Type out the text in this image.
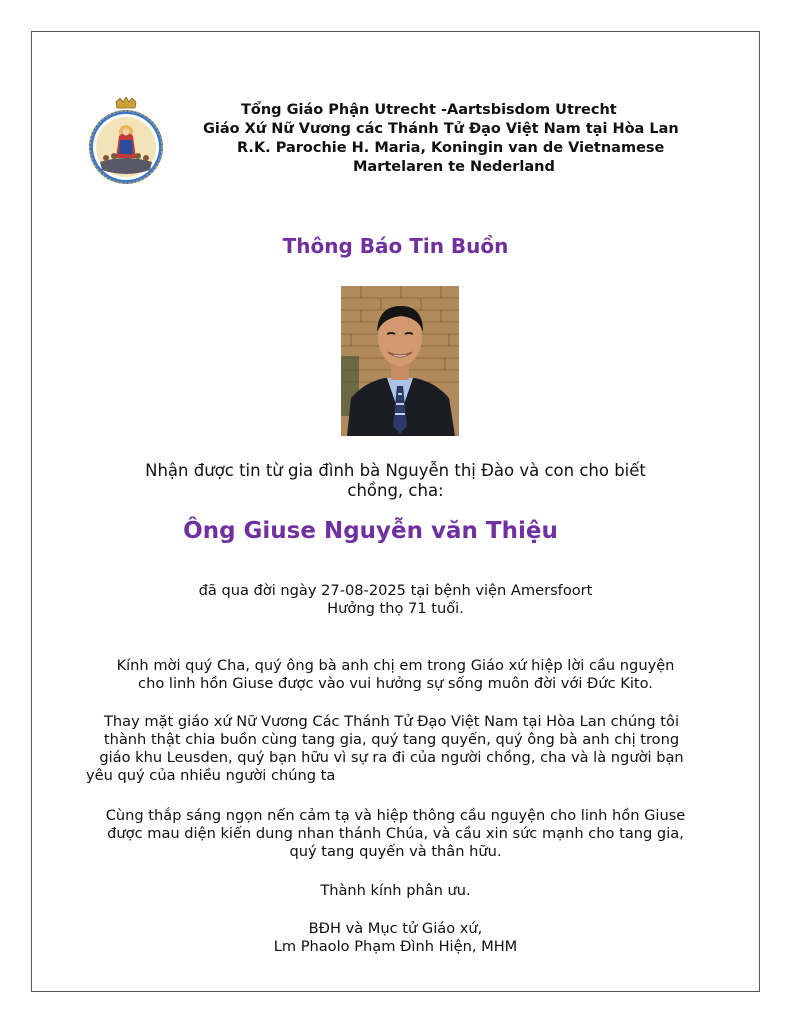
Tổng Giáo Phận Utrecht -Aartsbisdom Utrecht
Giáo Xứ Nữ Vương các Thánh Tử Đạo Việt Nam tại Hòa Lan
R.K. Parochie H. Maria, Koningin van de Vietnamese
Martelaren te Nederland
Thông Báo Tin Buồn
Nhận được tin từ gia đình bà Nguyễn thị Đào và con cho biết
chồng, cha:
Ông Giuse Nguyễn văn Thiệu
đã qua đời ngày 27-08-2025 tại bệnh viện Amersfoort
Hưởng thọ 71 tuổi.
Kính mời quý Cha, quý ông bà anh chị em trong Giáo xứ hiệp lời cầu nguyện
cho linh hồn Giuse được vào vui hưởng sự sống muôn đời với Đức Kito.
Thay mặt giáo xứ Nữ Vương Các Thánh Tử Đạo Việt Nam tại Hòa Lan chúng tôi
thành thật chia buồn cùng tang gia, quý tang quyến, quý ông bà anh chị trong
giáo khu Leusden, quý bạn hữu vì sự ra đi của người chồng, cha và là người bạn
yêu quý của nhiều người chúng ta
Cùng thắp sáng ngọn nến cảm tạ và hiệp thông cầu nguyện cho linh hồn Giuse
được mau diện kiến dung nhan thánh Chúa, và cầu xin sức mạnh cho tang gia,
quý tang quyến và thân hữu.
Thành kính phân ưu.
BĐH và Mục tử Giáo xứ,
Lm Phaolo Phạm Đình Hiện, MHM
